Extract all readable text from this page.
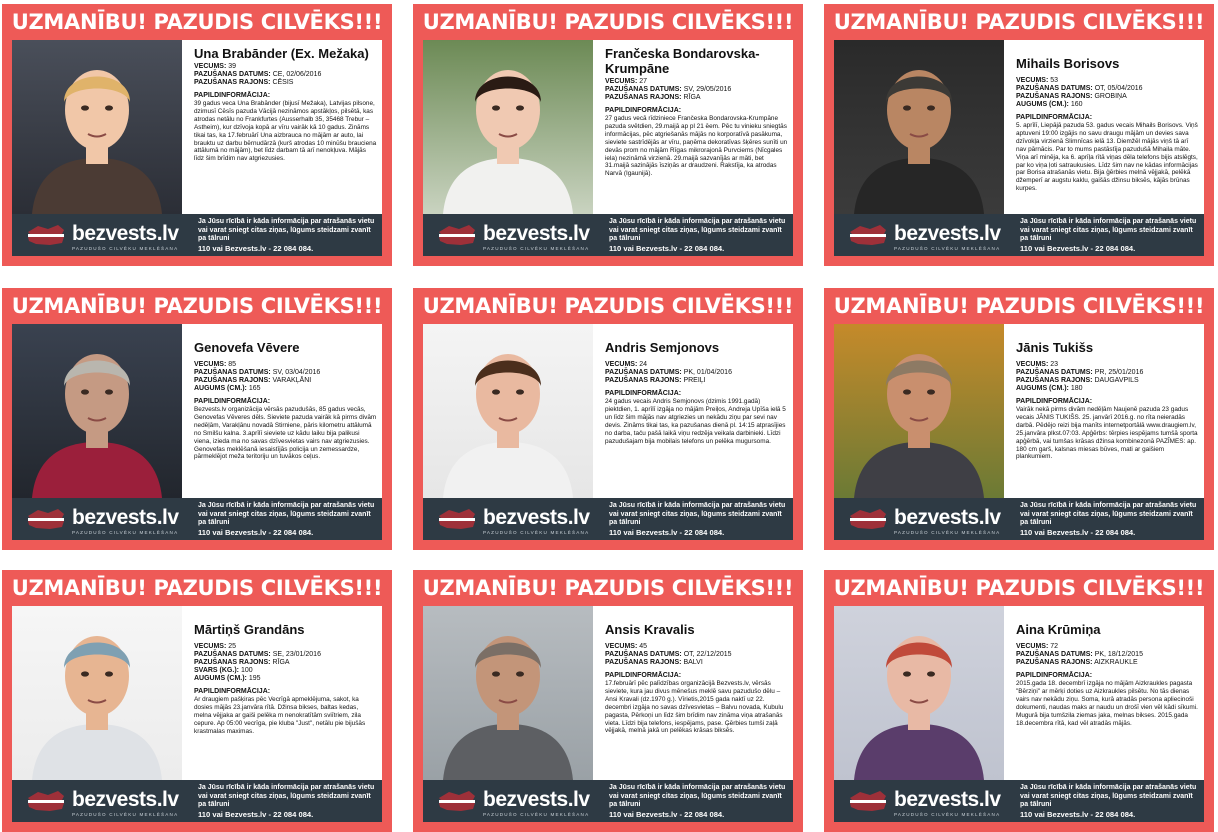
UZMANĪBU! PAZUDIS CILVĒKS!!!
Una Brabānder (Ex. Mežaka)
VECUMS: 39
PAZUŠANAS DATUMS: CE, 02/06/2016
PAZUŠANAS RAJONS: CĒSIS
PAPILDINFORMĀCIJA:
39 gadus veca Una Brabānder (bijusī Mežaka), Latvijas pilsone, dzimusī Cēsīs pazuda Vācijā nezināmos apstākļos, pilsētā, kas atrodas netālu no Frankfurtes (Ausserhalb 35, 35468 Trebur – Astheim), kur dzīvoja kopā ar vīru vairāk kā 10 gadus. Zināms tikai tas, ka 17.februārī Una aizbrauca no mājām ar auto, lai brauktu uz darbu bērnudārzā (kurš atrodas 10 minūšu brauciena attālumā no mājām), bet līdz darbam tā arī nenokļuva. Mājās līdz šim brīdim nav atgriezusies.
bezvests.lv
PAZUDUŠO CILVĒKU MEKLĒŠANA
Ja Jūsu rīcībā ir kāda informācija par atrašanās vietu vai varat sniegt citas ziņas, lūgums steidzami zvanīt pa tālruni
110 vai Bezvests.lv - 22 084 084.
UZMANĪBU! PAZUDIS CILVĒKS!!!
Frančeska Bondarovska-Krumpāne
VECUMS: 27
PAZUŠANAS DATUMS: SV, 29/05/2016
PAZUŠANAS RAJONS: RĪGA
PAPILDINFORMĀCIJA:
27 gadus vecā rīdziniece Frančeska Bondarovska-Krumpāne pazuda svētdien, 29.maijā ap pl 21 ēem. Pēc tu vinieku sniegtās informācijas, pēc atgriešanās mājās no korporatīvā pasākuma, sieviete sastrīdējās ar vīru, paņēma dekoratīvas šķēres sunīti un devās prom no mājām Rīgas mikrorajonā Purvciems (Nīcgales iela) nezināmā virzienā. 29.maijā sazvanījās ar māti, bet 31.maijā sazinājās īsziņās ar draudzeni. Rakstīja, ka atrodas Narvā (Igaunijā).
bezvests.lv
PAZUDUŠO CILVĒKU MEKLĒŠANA
Ja Jūsu rīcībā ir kāda informācija par atrašanās vietu vai varat sniegt citas ziņas, lūgums steidzami zvanīt pa tālruni
110 vai Bezvests.lv - 22 084 084.
UZMANĪBU! PAZUDIS CILVĒKS!!!
Mihails Borisovs
VECUMS: 53
PAZUŠANAS DATUMS: OT, 05/04/2016
PAZUŠANAS RAJONS: GROBIŅA
AUGUMS (CM.): 160
PAPILDINFORMĀCIJA:
5. aprīlī, Liepājā pazuda 53. gadus vecais Mihails Borisovs. Viņš aptuveni 19:00 izgājis no savu draugu mājām un devies sava dzīvokļa virzienā Slimnīcas ielā 13. Diemžēl mājās viņš tā arī nav pārnācis. Par to mums pastāstīja pazudušā Mihaila māte. Viņa arī minēja, ka 6. aprīļa rītā viņas dēla telefons bijis atslēgts, par ko viņa ļoti satraukusies. Līdz šim nav ne kādas informācijas par Borisa atrašanās vietu. Bija ģērbies melnā vējjakā, pelēkā džemperī ar augstu kaklu, gaišās džinsu biksēs, kājās brūnas kurpes.
bezvests.lv
PAZUDUŠO CILVĒKU MEKLĒŠANA
Ja Jūsu rīcībā ir kāda informācija par atrašanās vietu vai varat sniegt citas ziņas, lūgums steidzami zvanīt pa tālruni
110 vai Bezvests.lv - 22 084 084.
UZMANĪBU! PAZUDIS CILVĒKS!!!
Genovefa Vēvere
VECUMS: 85
PAZUŠANAS DATUMS: SV, 03/04/2016
PAZUŠANAS RAJONS: VARAKĻĀNI
AUGUMS (CM.): 165
PAPILDINFORMĀCIJA:
Bezvests.lv organizācija vērsās pazudušās, 85 gadus vecās, Genovefas Vēveres dēls. Sieviete pazuda vairāk kā pirms divām nedēļām, Varakļānu novadā Stirniene, pāris kilometru attālumā no Smilšu kalna. 3.aprīlī sieviete uz kādu laiku bija palikusi viena, izieda ma no savas dzīvesvietas vairs nav atgriezusies. Genovefas meklēšanā iesaistījās policija un zemessardze, pārmeklējot meža teritoriju un tuvākos ceļus.
bezvests.lv
PAZUDUŠO CILVĒKU MEKLĒŠANA
Ja Jūsu rīcībā ir kāda informācija par atrašanās vietu vai varat sniegt citas ziņas, lūgums steidzami zvanīt pa tālruni
110 vai Bezvests.lv - 22 084 084.
UZMANĪBU! PAZUDIS CILVĒKS!!!
Andris Semjonovs
VECUMS: 24
PAZUŠANAS DATUMS: PK, 01/04/2016
PAZUŠANAS RAJONS: PREIĻI
PAPILDINFORMĀCIJA:
24 gadus vecais Andris Semjonovs (dzimis 1991.gadā) piektdien, 1. aprīlī izgāja no mājām Preiļos, Andreja Upīša ielā 5 un līdz šim mājās nav atgriezies un nekādu ziņu par sevi nav devis. Zināms tikai tas, ka pazušanas dienā pl. 14:15 atprasījies no darba, taču pašā laikā viņu redzēja veikala darbinieki. Līdzi pazudušajam bija mobilais telefons un pelēka mugursoma.
bezvests.lv
PAZUDUŠO CILVĒKU MEKLĒŠANA
Ja Jūsu rīcībā ir kāda informācija par atrašanās vietu vai varat sniegt citas ziņas, lūgums steidzami zvanīt pa tālruni
110 vai Bezvests.lv - 22 084 084.
UZMANĪBU! PAZUDIS CILVĒKS!!!
Jānis Tukišs
VECUMS: 23
PAZUŠANAS DATUMS: PR, 25/01/2016
PAZUŠANAS RAJONS: DAUGAVPILS
AUGUMS (CM.): 180
PAPILDINFORMĀCIJA:
Vairāk nekā pirms divām nedēļām Naujenē pazuda 23 gadus vecais JĀNIS TUKIŠS. 25. janvārī 2016.g. no rīta neieradās darbā. Pēdējo reizi bija manīts internetportālā www.draugiem.lv, 25.janvāra plkst.07:03. Apģērbs: tērpies iespējams tumšā sporta apģērbā, vai tumšas krāsas džinsa kombinezonā PAZĪMES: ap. 180 cm garš, kalsnas miesas būves, mati ar gaišiem plankumiem.
bezvests.lv
PAZUDUŠO CILVĒKU MEKLĒŠANA
Ja Jūsu rīcībā ir kāda informācija par atrašanās vietu vai varat sniegt citas ziņas, lūgums steidzami zvanīt pa tālruni
110 vai Bezvests.lv - 22 084 084.
UZMANĪBU! PAZUDIS CILVĒKS!!!
Mārtiņš Grandāns
VECUMS: 25
PAZUŠANAS DATUMS: SE, 23/01/2016
PAZUŠANAS RAJONS: RĪGA
SVARS (KG.): 100
AUGUMS (CM.): 195
PAPILDINFORMĀCIJA:
Ar draugiem pašķiras pēc Vecrīgā apmeklējuma, sakot, ka dosies mājās 23.janvāra rītā. Džinsa bikses, baltas kedas, melna vējjaka ar gaiši pelēka m nenokratītām sviītriem, zila cepure. Ap 05:00 vecrīga, pie kluba "Just", netālu pie bijušās krastmalas maximas.
bezvests.lv
PAZUDUŠO CILVĒKU MEKLĒŠANA
Ja Jūsu rīcībā ir kāda informācija par atrašanās vietu vai varat sniegt citas ziņas, lūgums steidzami zvanīt pa tālruni
110 vai Bezvests.lv - 22 084 084.
UZMANĪBU! PAZUDIS CILVĒKS!!!
Ansis Kravalis
VECUMS: 45
PAZUŠANAS DATUMS: OT, 22/12/2015
PAZUŠANAS RAJONS: BALVI
PAPILDINFORMĀCIJA:
17.februārī pēc palīdzības organizācijā Bezvests.lv, vērsās sieviete, kura jau divus mēnešus meklē savu pazudušo dēlu – Ansi Kravali (dz.1970 g.). Vīrietis,2015 gada naktī uz 22. decembri izgāja no savas dzīvesvietas – Balvu novada, Kubulu pagasta, Pērkoņi un līdz šim brīdim nav zināma viņa atrašanās vieta. Līdzi bija telefons, iespējams, pase. Ģērbies tumši zaļā vējjakā, melnā jakā un pelēkas krāsas biksēs.
bezvests.lv
PAZUDUŠO CILVĒKU MEKLĒŠANA
Ja Jūsu rīcībā ir kāda informācija par atrašanās vietu vai varat sniegt citas ziņas, lūgums steidzami zvanīt pa tālruni
110 vai Bezvests.lv - 22 084 084.
UZMANĪBU! PAZUDIS CILVĒKS!!!
Aina Krūmiņa
VECUMS: 72
PAZUŠANAS DATUMS: PK, 18/12/2015
PAZUŠANAS RAJONS: AIZKRAUKLE
PAPILDINFORMĀCIJA:
2015.gada 18. decembrī izgāja no mājām Aizkraukles pagasta "Bērziņi" ar mērķi doties uz Aizkraukles pilsētu. No tās dienas vairs nav nekādu ziņu. Soma, kurā atradās persona apliecinoši dokumenti, naudas maks ar naudu un drošī vien vēl kādi sīkumi. Mugurā bija tumšzila ziemas jaka, melnas bikses. 2015.gada 18.decembra rītā, kad vēl atradās mājās.
bezvests.lv
PAZUDUŠO CILVĒKU MEKLĒŠANA
Ja Jūsu rīcībā ir kāda informācija par atrašanās vietu vai varat sniegt citas ziņas, lūgums steidzami zvanīt pa tālruni
110 vai Bezvests.lv - 22 084 084.
